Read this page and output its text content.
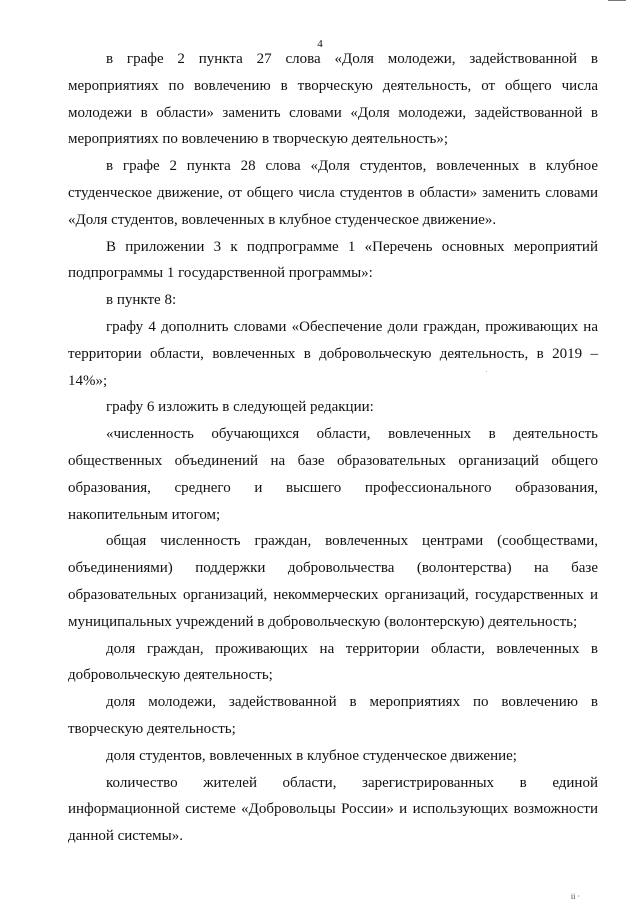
4

в графе 2 пункта 27 слова «Доля молодежи, задействованной в мероприятиях по вовлечению в творческую деятельность, от общего числа молодежи в области» заменить словами «Доля молодежи, задействованной в мероприятиях по вовлечению в творческую деятельность»;

в графе 2 пункта 28 слова «Доля студентов, вовлеченных в клубное студенческое движение, от общего числа студентов в области» заменить словами «Доля студентов, вовлеченных в клубное студенческое движение».

В приложении 3 к подпрограмме 1 «Перечень основных мероприятий подпрограммы 1 государственной программы»:

в пункте 8:

графу 4 дополнить словами «Обеспечение доли граждан, проживающих на территории области, вовлеченных в добровольческую деятельность, в 2019 – 14%»;

графу 6 изложить в следующей редакции:

«численность обучающихся области, вовлеченных в деятельность общественных объединений на базе образовательных организаций общего образования, среднего и высшего профессионального образования, накопительным итогом;

общая численность граждан, вовлеченных центрами (сообществами, объединениями) поддержки добровольчества (волонтерства) на базе образовательных организаций, некоммерческих организаций, государственных и муниципальных учреждений в добровольческую (волонтерскую) деятельность;

доля граждан, проживающих на территории области, вовлеченных в добровольческую деятельность;

доля молодежи, задействованной в мероприятиях по вовлечению в творческую деятельность;

доля студентов, вовлеченных в клубное студенческое движение;

количество жителей области, зарегистрированных в единой информационной системе «Добровольцы России» и использующих возможности данной системы».

ii ·
